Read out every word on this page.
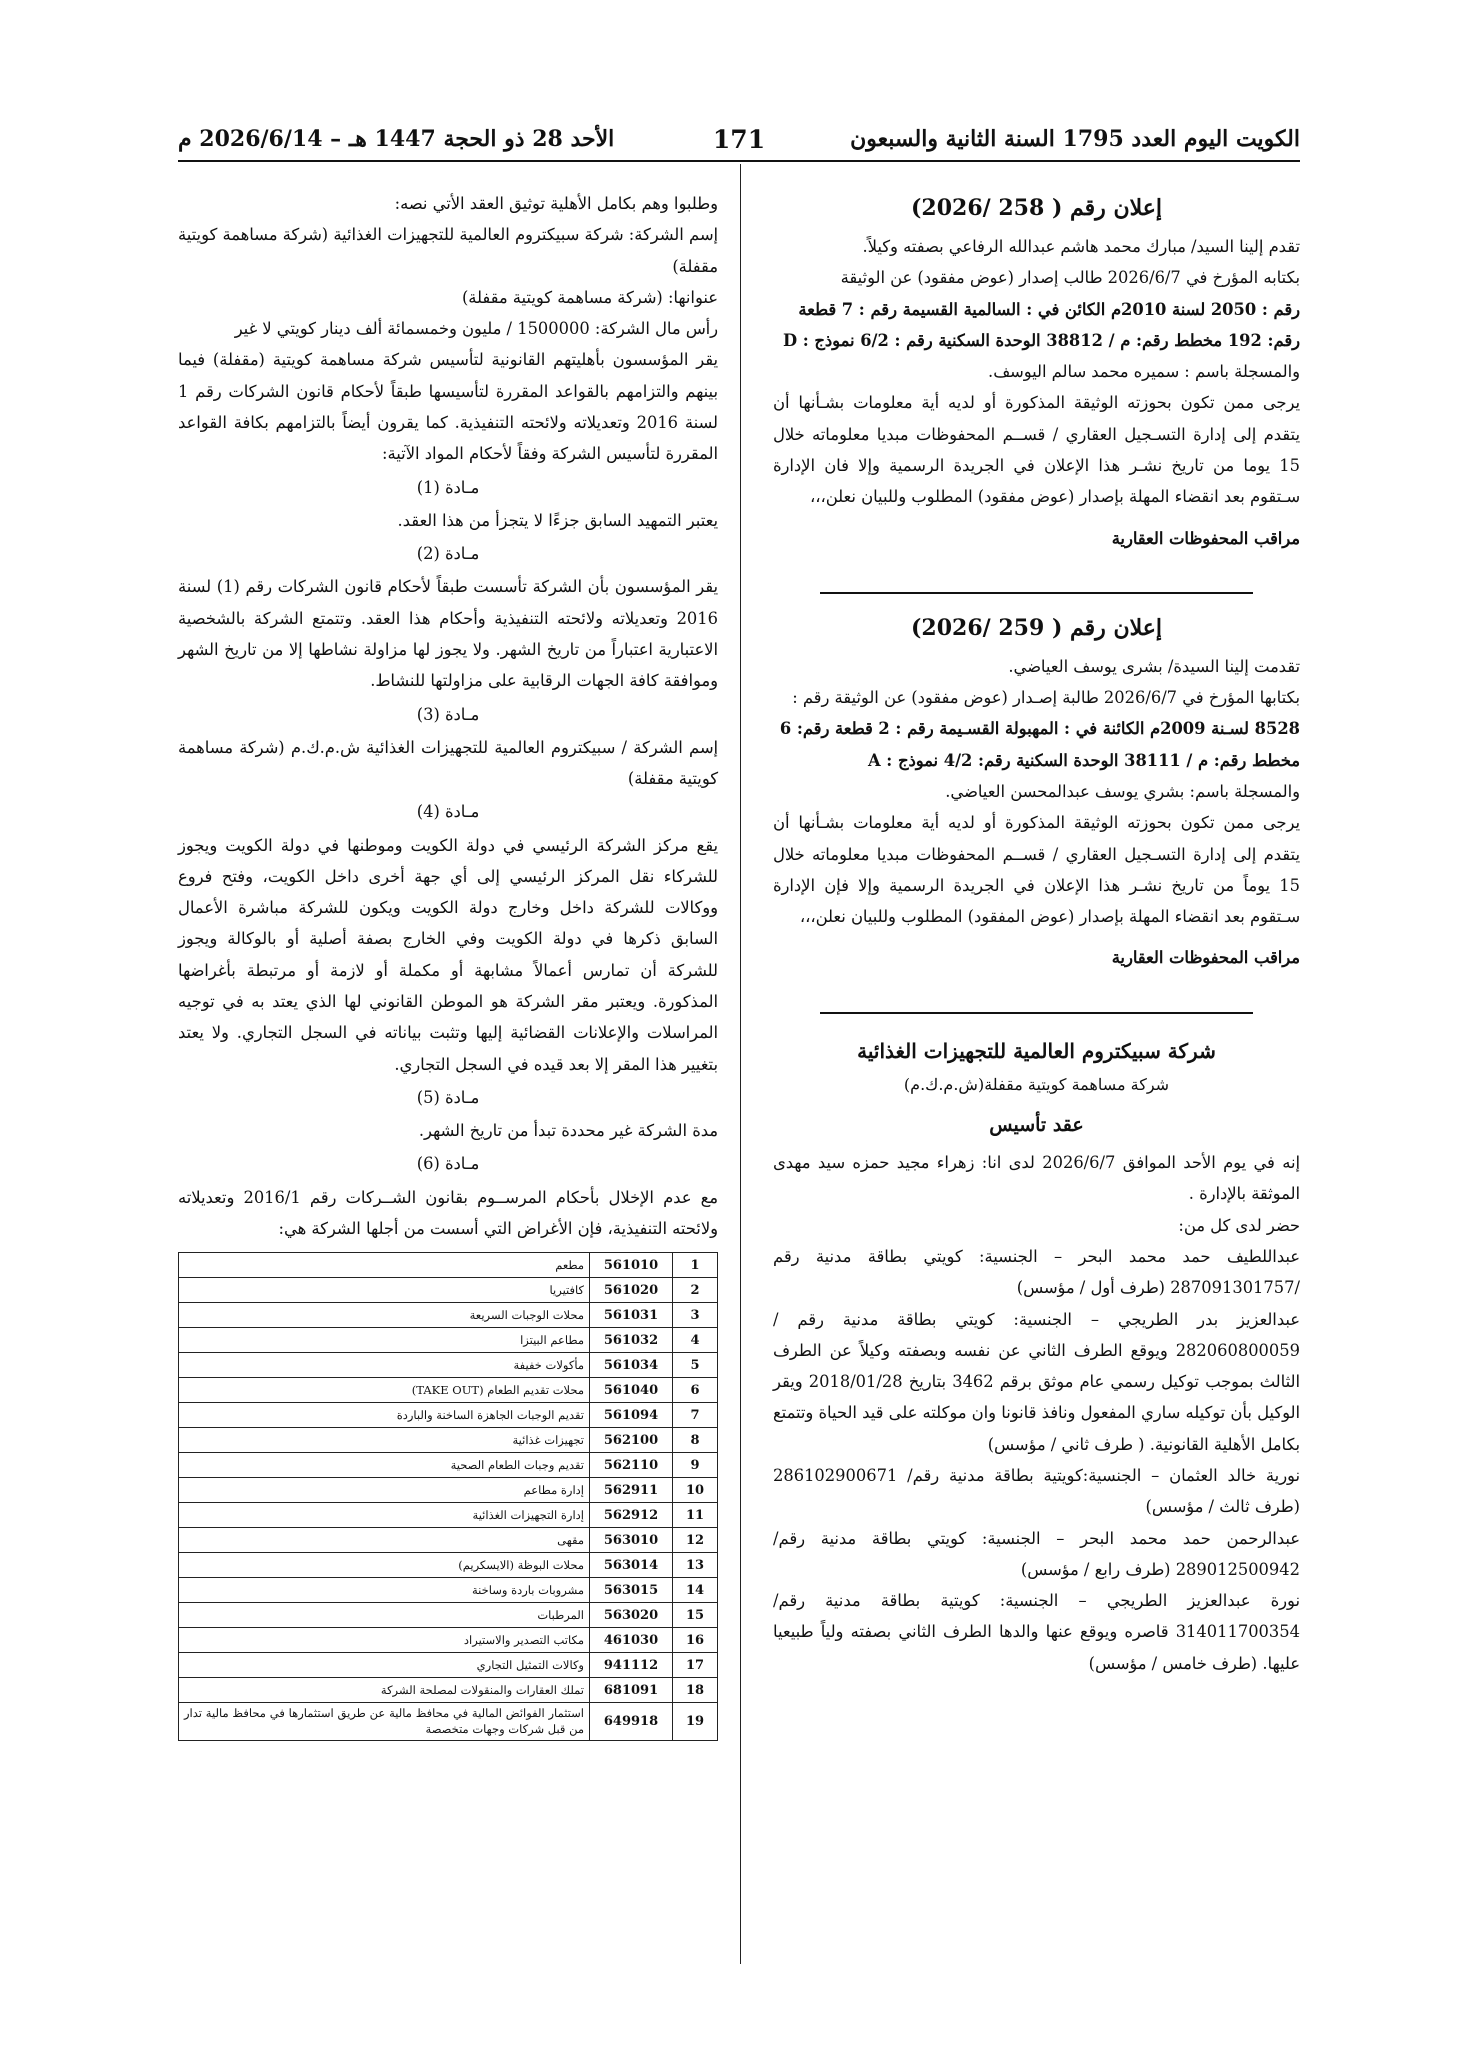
الكويت اليوم العدد 1795 السنة الثانية والسبعون
171
الأحد 28 ذو الحجة 1447 هـ – 2026/6/14 م
إعلان رقم ( 258 /2026)

تقدم إلينا السيد/ مبارك محمد هاشم عبدالله الرفاعي بصفته وكيلاً.

بكتابه المؤرخ في 2026/6/7 طالب إصدار (عوض مفقود) عن الوثيقة

رقم : 2050 لسنة 2010م الكائن في : السالمية القسيمة رقم : 7 قطعة

رقم: 192 مخطط رقم: م / 38812 الوحدة السكنية رقم : 6/2 نموذج : D

والمسجلة باسم : سميره محمد سالم اليوسف.

يرجى ممن تكون بحوزته الوثيقة المذكورة أو لديه أية معلومات بشـأنها أن يتقدم إلى إدارة التسـجيل العقاري / قســم المحفوظات مبديا معلوماته خلال 15 يوما من تاريخ نشـر هذا الإعلان في الجريدة الرسمية وإلا فان الإدارة سـتقوم بعد انقضاء المهلة بإصدار (عوض مفقود) المطلوب وللبيان نعلن،،،

مراقب المحفوظات العقارية

إعلان رقم ( 259 /2026)

تقدمت إلينا السيدة/ بشرى يوسف العياضي.

بكتابها المؤرخ في 2026/6/7 طالبة إصـدار (عوض مفقود) عن الوثيقة رقم :

8528 لسـنة 2009م الكائنة في : المهبولة القسـيمة رقم : 2 قطعة رقم: 6

مخطط رقم: م / 38111 الوحدة السكنية رقم: 4/2 نموذج : A

والمسجلة باسم: بشري يوسف عبدالمحسن العياضي.

يرجى ممن تكون بحوزته الوثيقة المذكورة أو لديه أية معلومات بشـأنها أن يتقدم إلى إدارة التسـجيل العقاري / قســم المحفوظات مبديا معلوماته خلال 15 يوماً من تاريخ نشـر هذا الإعلان في الجريدة الرسمية وإلا فإن الإدارة سـتقوم بعد انقضاء المهلة بإصدار (عوض المفقود) المطلوب وللبيان نعلن،،،

مراقب المحفوظات العقارية

شركة سبيكتروم العالمية للتجهيزات الغذائية
شركة مساهمة كويتية مقفلة(ش.م.ك.م)
عقد تأسيس

إنه في يوم الأحد الموافق 2026/6/7 لدى انا: زهراء مجيد حمزه سيد مهدى الموثقة بالإدارة .

حضر لدى كل من:

عبداللطيف حمد محمد البحر – الجنسية: كويتي بطاقة مدنية رقم /287091301757 (طرف أول / مؤسس)

عبدالعزيز بدر الطريجي – الجنسية: كويتي بطاقة مدنية رقم / 282060800059 ويوقع الطرف الثاني عن نفسه وبصفته وكيلاً عن الطرف الثالث بموجب توكيل رسمي عام موثق برقم 3462 بتاريخ 2018/01/28 ويقر الوكيل بأن توكيله ساري المفعول ونافذ قانونا وان موكلته على قيد الحياة وتتمتع بكامل الأهلية القانونية. ( طرف ثاني / مؤسس)

نورية خالد العثمان – الجنسية:كويتية بطاقة مدنية رقم/ 286102900671 (طرف ثالث / مؤسس)

عبدالرحمن حمد محمد البحر – الجنسية: كويتي بطاقة مدنية رقم/ 289012500942 (طرف رابع / مؤسس)

نورة عبدالعزيز الطريجي – الجنسية: كويتية بطاقة مدنية رقم/ 314011700354 قاصره ويوقع عنها والدها الطرف الثاني بصفته ولياً طبيعيا عليها. (طرف خامس / مؤسس)

وطلبوا وهم بكامل الأهلية توثيق العقد الأتي نصه:

إسم الشركة: شركة سبيكتروم العالمية للتجهيزات الغذائية (شركة مساهمة كويتية مقفلة)

عنوانها: (شركة مساهمة كويتية مقفلة)

رأس مال الشركة: 1500000 / مليون وخمسمائة ألف دينار كويتي لا غير

يقر المؤسسون بأهليتهم القانونية لتأسيس شركة مساهمة كويتية (مقفلة) فيما بينهم والتزامهم بالقواعد المقررة لتأسيسها طبقاً لأحكام قانون الشركات رقم 1 لسنة 2016 وتعديلاته ولائحته التنفيذية. كما يقرون أيضاً بالتزامهم بكافة القواعد المقررة لتأسيس الشركة وفقاً لأحكام المواد الآتية:

مـادة (1)

يعتبر التمهيد السابق جزءًا لا يتجزأ من هذا العقد.

مـادة (2)

يقر المؤسسون بأن الشركة تأسست طبقاً لأحكام قانون الشركات رقم (1) لسنة 2016 وتعديلاته ولائحته التنفيذية وأحكام هذا العقد. وتتمتع الشركة بالشخصية الاعتبارية اعتباراً من تاريخ الشهر. ولا يجوز لها مزاولة نشاطها إلا من تاريخ الشهر وموافقة كافة الجهات الرقابية على مزاولتها للنشاط.

مـادة (3)

إسم الشركة / سبيكتروم العالمية للتجهيزات الغذائية ش.م.ك.م (شركة مساهمة كويتية مقفلة)

مـادة (4)

يقع مركز الشركة الرئيسي في دولة الكويت وموطنها في دولة الكويت ويجوز للشركاء نقل المركز الرئيسي إلى أي جهة أخرى داخل الكويت، وفتح فروع ووكالات للشركة داخل وخارج دولة الكويت ويكون للشركة مباشرة الأعمال السابق ذكرها في دولة الكويت وفي الخارج بصفة أصلية أو بالوكالة ويجوز للشركة أن تمارس أعمالاً مشابهة أو مكملة أو لازمة أو مرتبطة بأغراضها المذكورة. ويعتبر مقر الشركة هو الموطن القانوني لها الذي يعتد به في توجيه المراسلات والإعلانات القضائية إليها وتثبت بياناته في السجل التجاري. ولا يعتد بتغيير هذا المقر إلا بعد قيده في السجل التجاري.

مـادة (5)

مدة الشركة غير محددة تبدأ من تاريخ الشهر.

مـادة (6)

مع عدم الإخلال بأحكام المرســوم بقانون الشــركات رقم 2016/1 وتعديلاته ولائحته التنفيذية، فإن الأغراض التي أسست من أجلها الشركة هي:

1	561010	مطعم
2	561020	كافتيريا
3	561031	محلات الوجبات السريعة
4	561032	مطاعم البيتزا
5	561034	مأكولات خفيفة
6	561040	محلات تقديم الطعام (TAKE OUT)
7	561094	تقديم الوجبات الجاهزة الساخنة والباردة
8	562100	تجهيزات غذائية
9	562110	تقديم وجبات الطعام الصحية
10	562911	إدارة مطاعم
11	562912	إدارة التجهيزات الغذائية
12	563010	مقهى
13	563014	محلات البوظة (الايسكريم)
14	563015	مشروبات باردة وساخنة
15	563020	المرطبات
16	461030	مكاتب التصدير والاستيراد
17	941112	وكالات التمثيل التجاري
18	681091	تملك العقارات والمنقولات لمصلحة الشركة
19	649918	استثمار الفوائض المالية في محافظ مالية عن طريق استثمارها في محافظ مالية تدار من قبل شركات وجهات متخصصة
